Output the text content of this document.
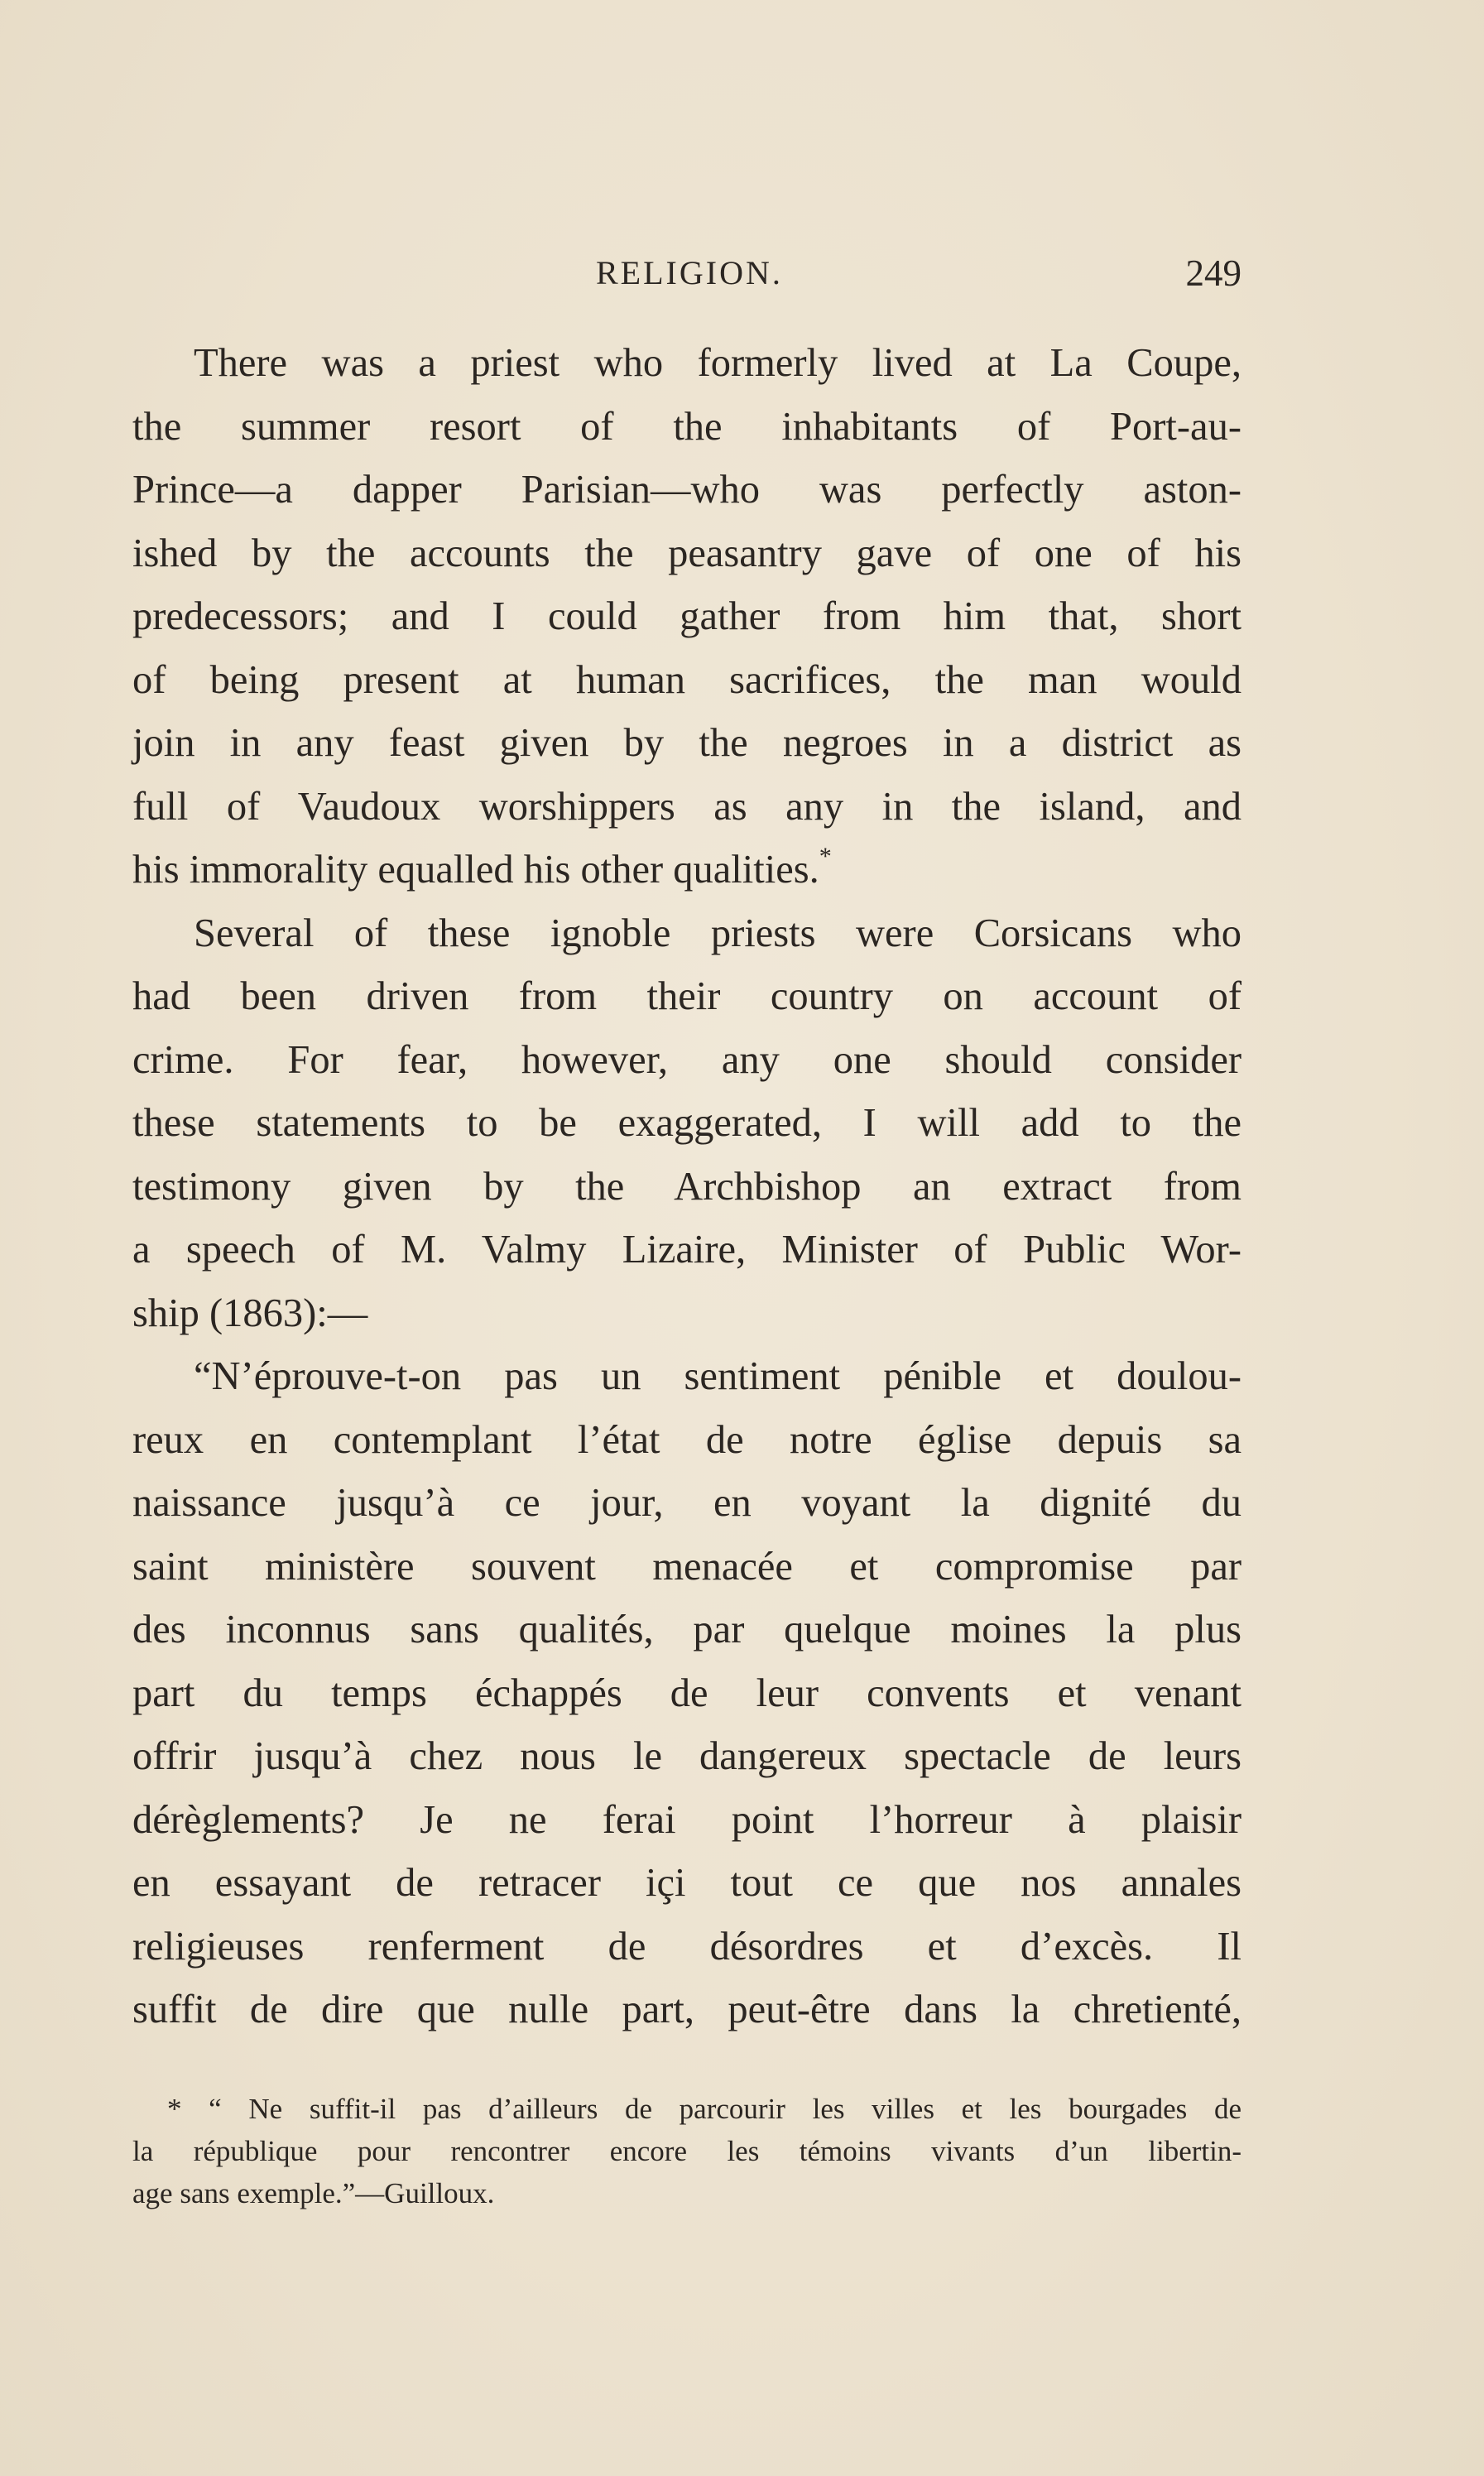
RELIGION.	249
There was a priest who formerly lived at La Coupe,
the summer resort of the inhabitants of Port-au-
Prince—a dapper Parisian—who was perfectly aston-
ished by the accounts the peasantry gave of one of his
predecessors; and I could gather from him that, short
of being present at human sacrifices, the man would
join in any feast given by the negroes in a district as
full of Vaudoux worshippers as any in the island, and
his immorality equalled his other qualities.*
Several of these ignoble priests were Corsicans who
had been driven from their country on account of
crime. For fear, however, any one should consider
these statements to be exaggerated, I will add to the
testimony given by the Archbishop an extract from
a speech of M. Valmy Lizaire, Minister of Public Wor-
ship (1863):—
“N’éprouve-t-on pas un sentiment pénible et doulou-
reux en contemplant l’état de notre église depuis sa
naissance jusqu’à ce jour, en voyant la dignité du
saint ministère souvent menacée et compromise par
des inconnus sans qualités, par quelque moines la plus
part du temps échappés de leur convents et venant
offrir jusqu’à chez nous le dangereux spectacle de leurs
dérèglements? Je ne ferai point l’horreur à plaisir
en essayant de retracer içi tout ce que nos annales
religieuses renferment de désordres et d’excès. Il
suffit de dire que nulle part, peut-être dans la chretienté,
* “ Ne suffit-il pas d’ailleurs de parcourir les villes et les bourgades de
la république pour rencontrer encore les témoins vivants d’un libertin-
age sans exemple.”—Guilloux.
